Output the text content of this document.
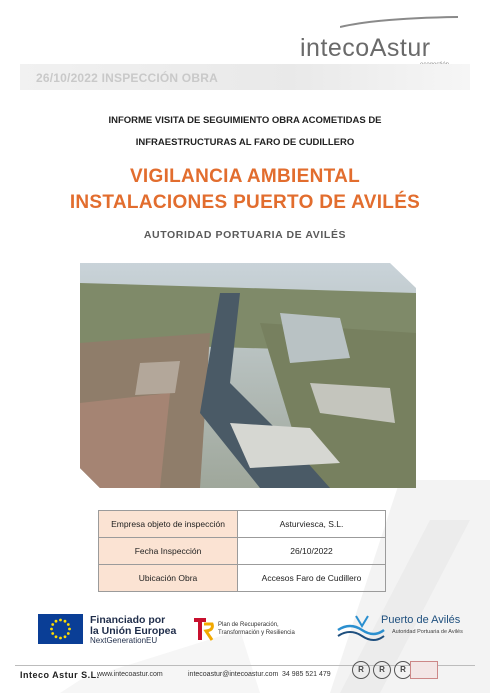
intecoAstur
26/10/2022 INSPECCIÓN OBRA
INFORME VISITA DE SEGUIMIENTO OBRA ACOMETIDAS DE
INFRAESTRUCTURAS AL FARO DE CUDILLERO
VIGILANCIA AMBIENTAL
INSTALACIONES PUERTO DE AVILÉS
AUTORIDAD PORTUARIA DE AVILÉS
Empresa objeto de inspección	Asturviesca, S.L.
Fecha Inspección	26/10/2022
Ubicación Obra	Accesos Faro de Cudillero
Financiado por
la Unión Europea
NextGenerationEU
Plan de Recuperación,
Transformación y Resiliencia
Puerto de Avilés
Autoridad Portuaria de Avilés
Inteco Astur S.L.
www.intecoastur.com	intecoastur@intecoastur.com 34 985 521 479
R	R	R
